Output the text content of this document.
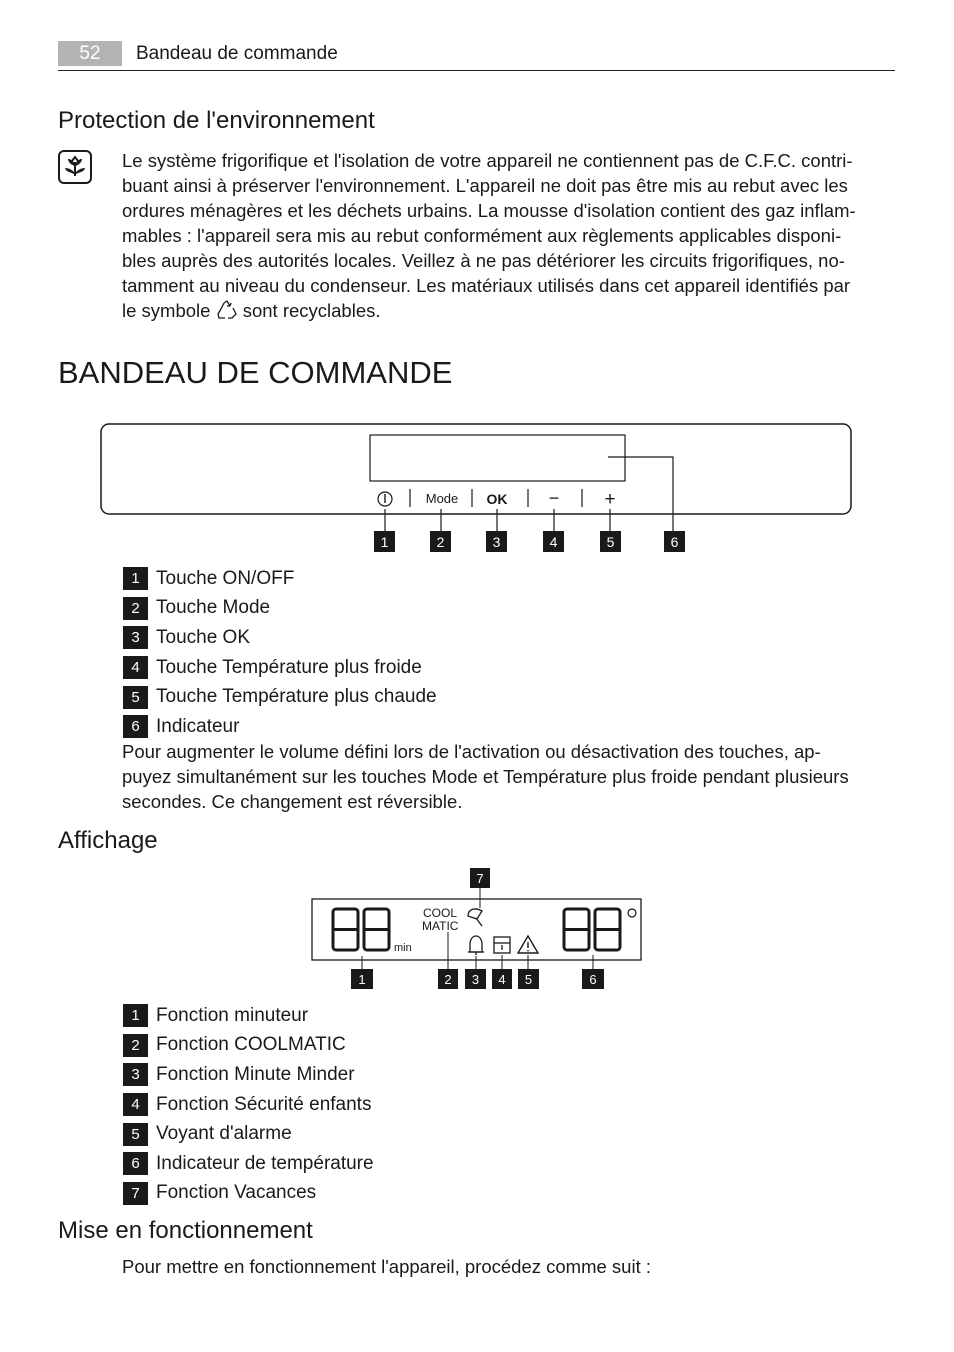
52	Bandeau de commande
Protection de l'environnement
Le système frigorifique et l'isolation de votre appareil ne contiennent pas de C.F.C. contri-
buant ainsi à préserver l'environnement. L'appareil ne doit pas être mis au rebut avec les
ordures ménagères et les déchets urbains. La mousse d'isolation contient des gaz inflam-
mables : l'appareil sera mis au rebut conformément aux règlements applicables disponi-
bles auprès des autorités locales. Veillez à ne pas détériorer les circuits frigorifiques, no-
tamment au niveau du condenseur. Les matériaux utilisés dans cet appareil identifiés par
le symbole sont recyclables.
BANDEAU DE COMMANDE
Mode OK − +
1	2	3	4	5	6
1 Touche ON/OFF
2 Touche Mode
3 Touche OK
4 Touche Température plus froide
5 Touche Température plus chaude
6 Indicateur
Pour augmenter le volume défini lors de l'activation ou désactivation des touches, ap-
puyez simultanément sur les touches Mode et Température plus froide pendant plusieurs
secondes. Ce changement est réversible.
Affichage
min
COOL
MATIC
7
1	2 3 4 5	6
1 Fonction minuteur
2 Fonction COOLMATIC
3 Fonction Minute Minder
4 Fonction Sécurité enfants
5 Voyant d'alarme
6 Indicateur de température
7 Fonction Vacances
Mise en fonctionnement
Pour mettre en fonctionnement l'appareil, procédez comme suit :
